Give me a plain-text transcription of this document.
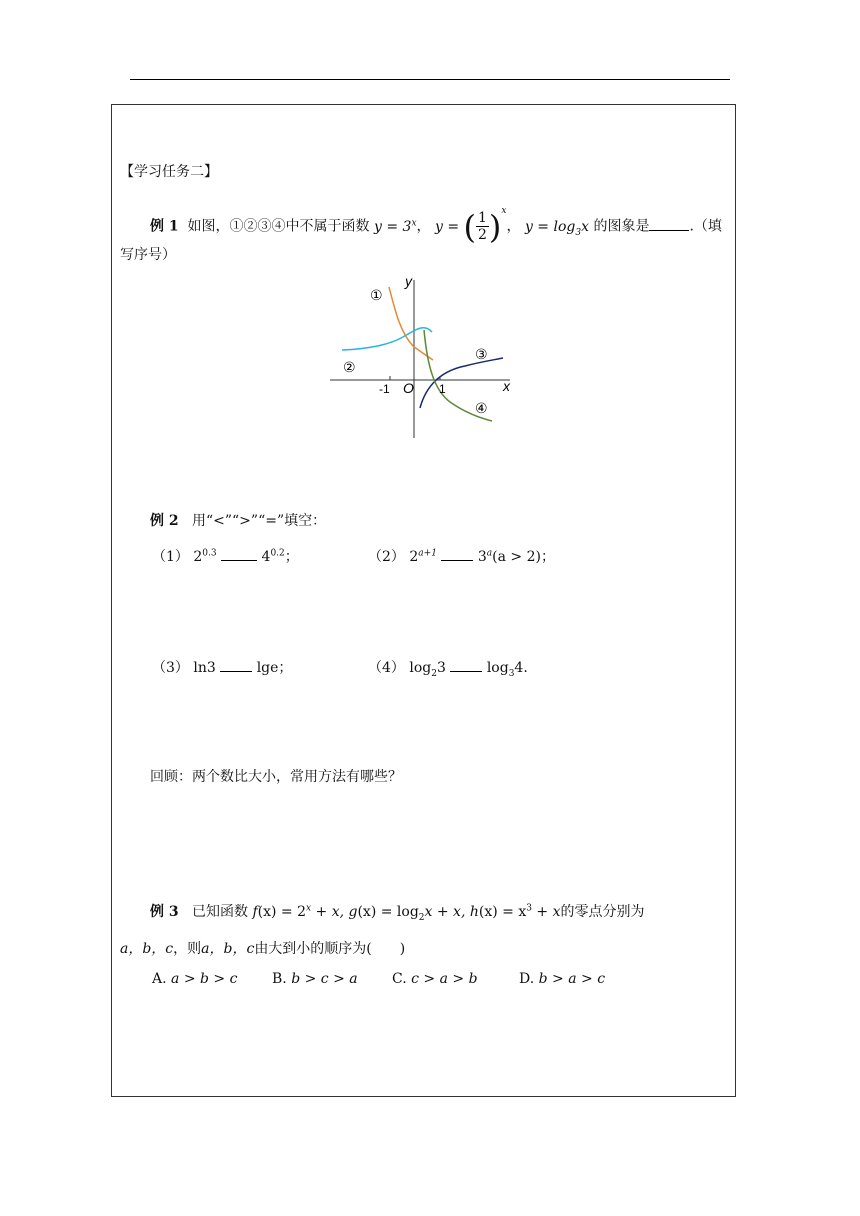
【学习任务二】
例 1 如图，①②③④中不属于函数 $y = 3^x$， y = ( $\frac{1}{2} )^x$， $y = \log_3x$ 的图象是	.（填
写序号）
y
x
O
-1	1
①
②
③
④
例 2 用“<”“>”“=”填空：
（1） $2^{0.3}$	$4^{0.2}$；	（2） $2^{a+1}$	$3^a(a > 2)$；
（3） ln3	lge；	（4） $\log_23$	$\log_34$.
回顾：两个数比大小，常用方法有哪些？
例 3 已知函数 $f(x) = 2^x + x$, $g(x) = \log_2x + x$, $h(x) = x^3 + x$的零点分别为
a，b，c，则a，b，c由大到小的顺序为(　　)
A. a > b > c B. b > c > a C. c > a > b	D. b > a > c
